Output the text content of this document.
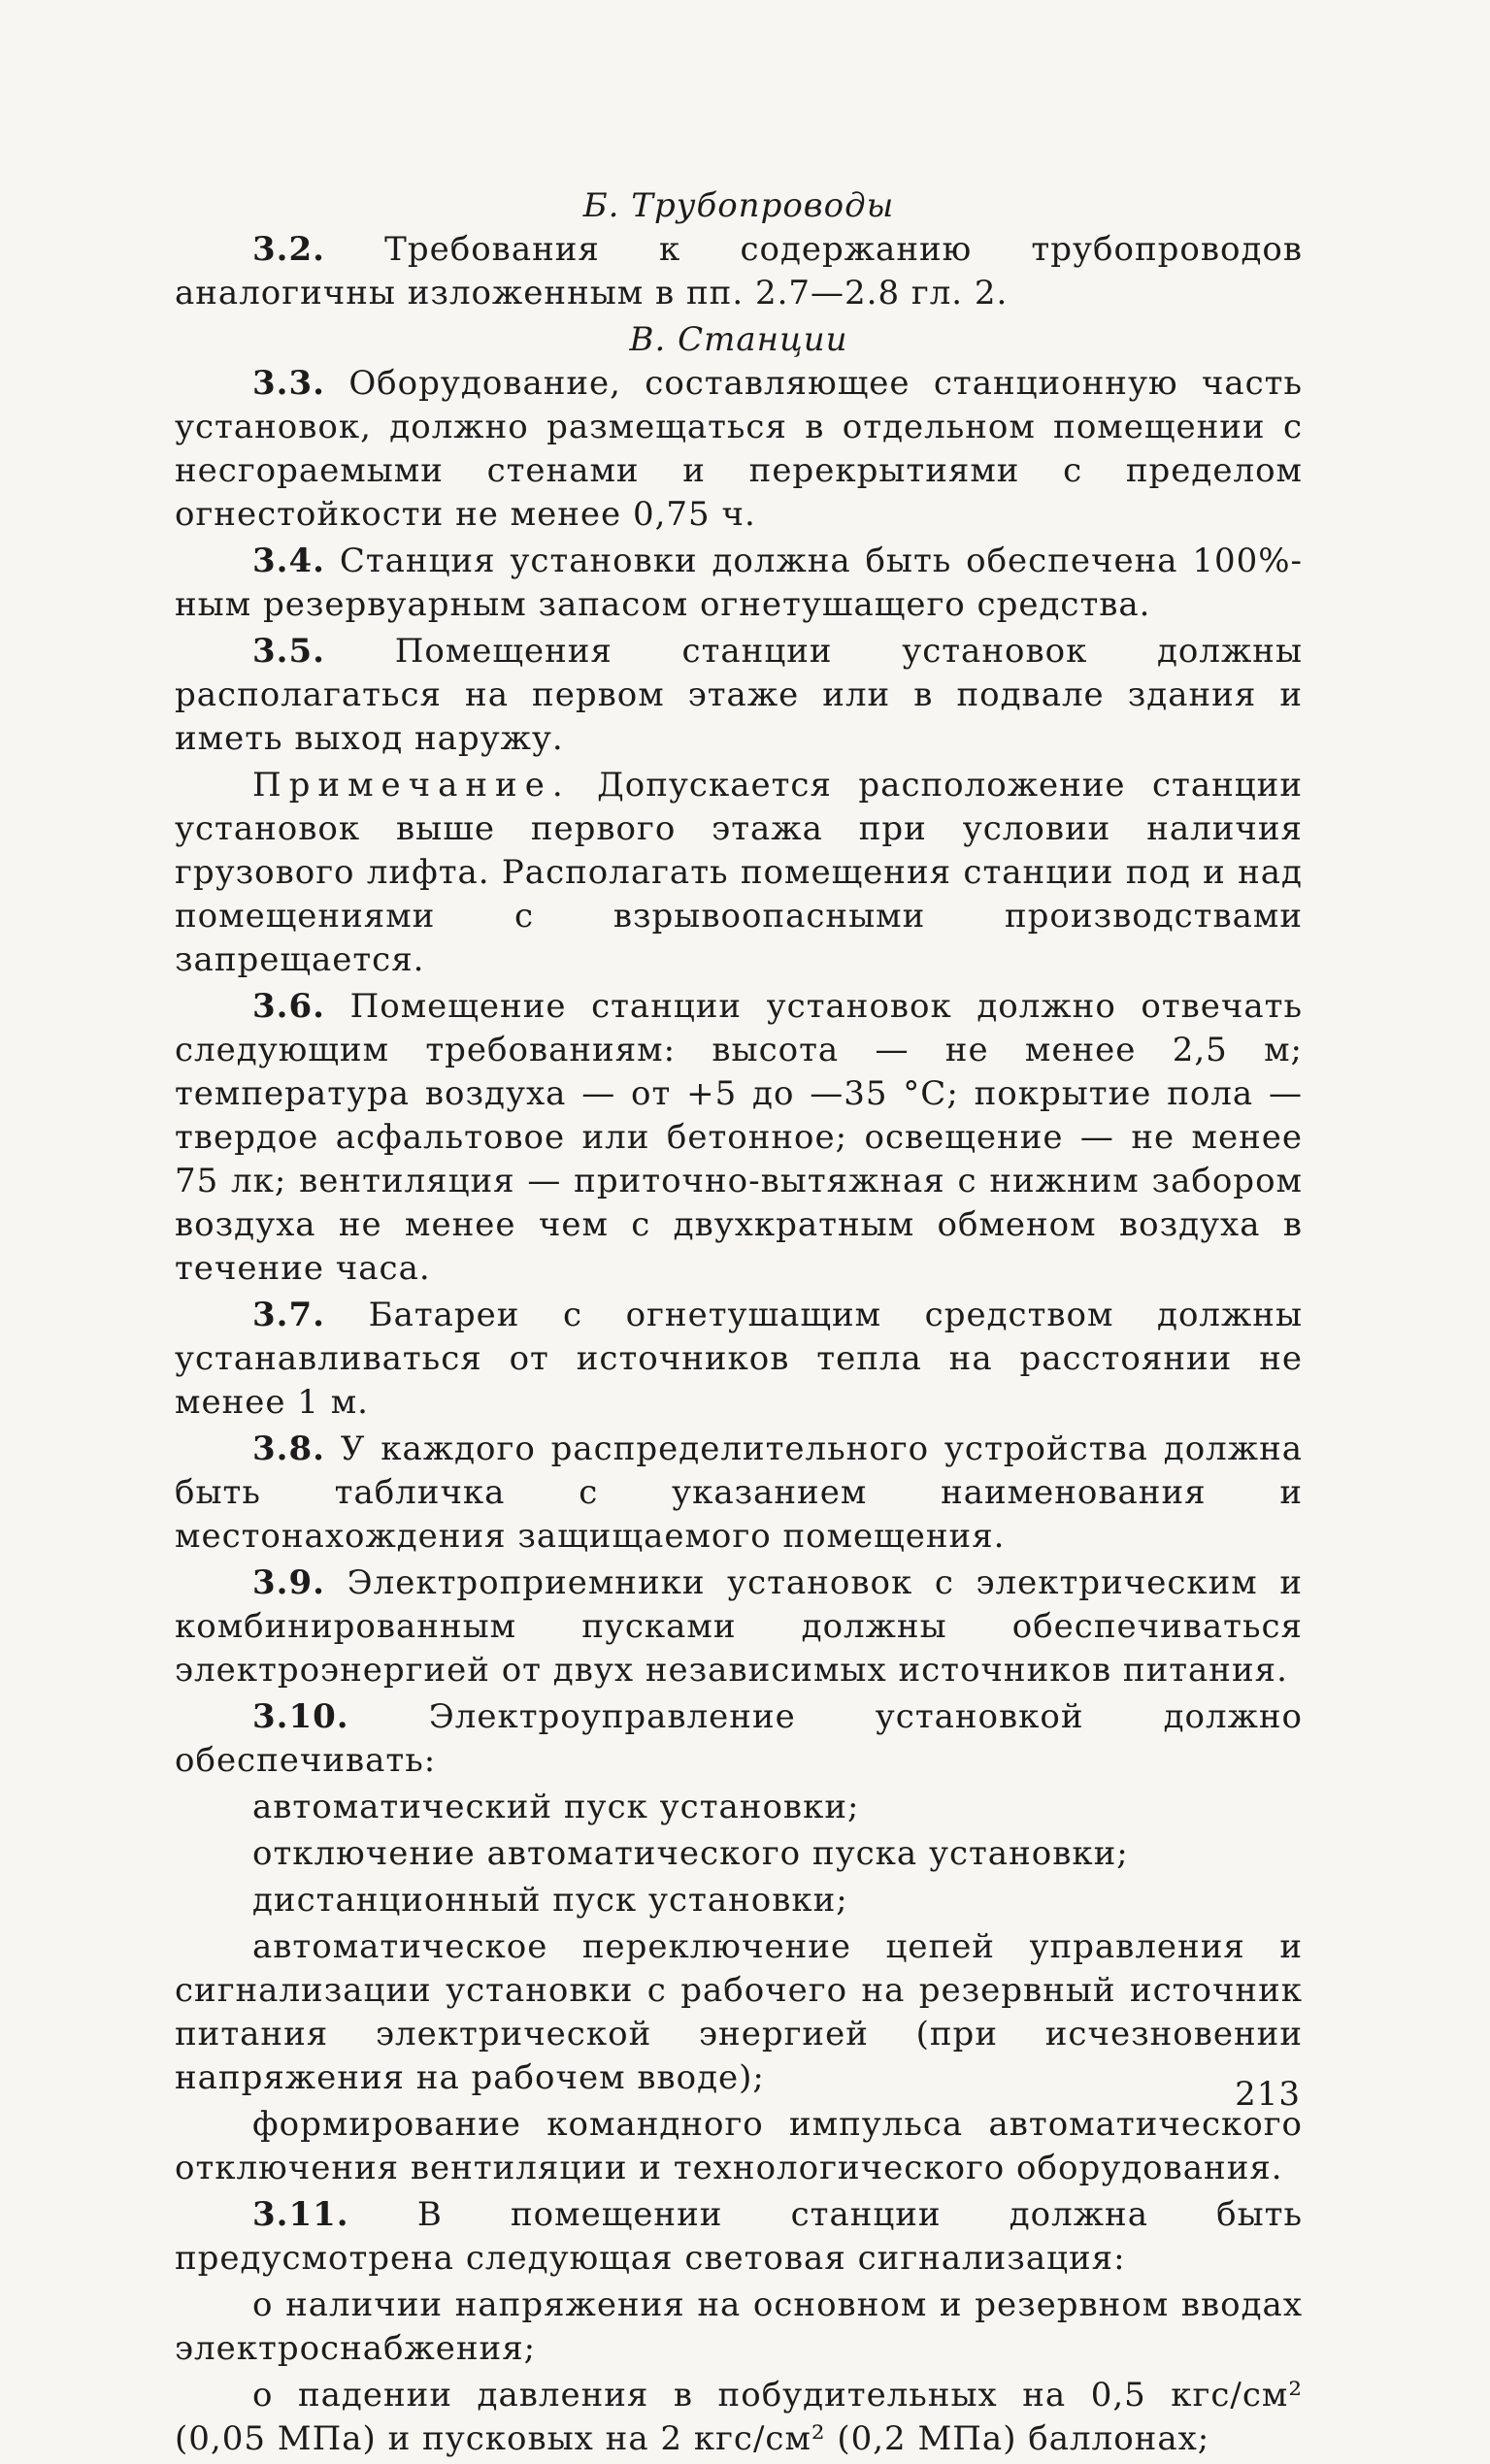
Б. Трубопроводы

3.2. Требования к содержанию трубопроводов аналогичны изложенным в пп. 2.7—2.8 гл. 2.

В. Станции

3.3. Оборудование, составляющее станционную часть установок, должно размещаться в отдельном помещении с несгораемыми стенами и перекрытиями с пределом огнестойкости не менее 0,75 ч.

3.4. Станция установки должна быть обеспечена 100%-ным резервуарным запасом огнетушащего средства.

3.5. Помещения станции установок должны располагаться на первом этаже или в подвале здания и иметь выход наружу.

Примечание. Допускается расположение станции установок выше первого этажа при условии наличия грузового лифта. Располагать помещения станции под и над помещениями с взрывоопасными производствами запрещается.

3.6. Помещение станции установок должно отвечать следующим требованиям: высота — не менее 2,5 м; температура воздуха — от +5 до —35 °С; покрытие пола — твердое асфальтовое или бетонное; освещение — не менее 75 лк; вентиляция — приточно-вытяжная с нижним забором воздуха не менее чем с двухкратным обменом воздуха в течение часа.

3.7. Батареи с огнетушащим средством должны устанавливаться от источников тепла на расстоянии не менее 1 м.

3.8. У каждого распределительного устройства должна быть табличка с указанием наименования и местонахождения защищаемого помещения.

3.9. Электроприемники установок с электрическим и комбинированным пусками должны обеспечиваться электроэнергией от двух независимых источников питания.

3.10. Электроуправление установкой должно обеспечивать:

автоматический пуск установки;

отключение автоматического пуска установки;

дистанционный пуск установки;

автоматическое переключение цепей управления и сигнализации установки с рабочего на резервный источник питания электрической энергией (при исчезновении напряжения на рабочем вводе);

формирование командного импульса автоматического отключения вентиляции и технологического оборудования.

3.11. В помещении станции должна быть предусмотрена следующая световая сигнализация:

о наличии напряжения на основном и резервном вводах электроснабжения;

о падении давления в побудительных на 0,5 кгс/см² (0,05 МПа) и пусковых на 2 кгс/см² (0,2 МПа) баллонах;

213
